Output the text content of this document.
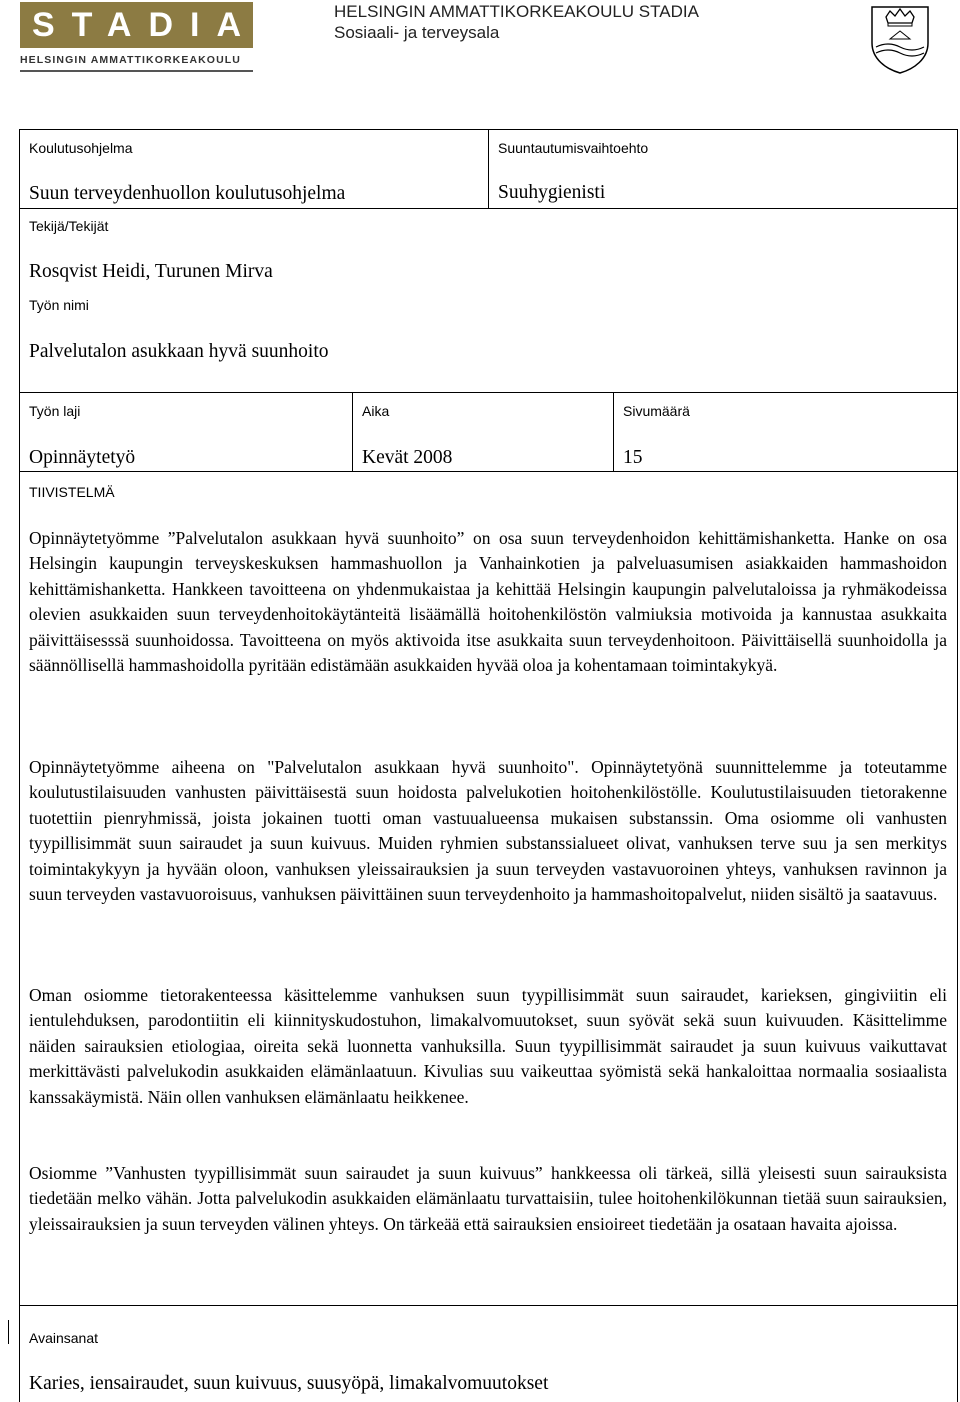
STADIA
HELSINGIN AMMATTIKORKEAKOULU
HELSINGIN AMMATTIKORKEAKOULU STADIA
Sosiaali- ja terveysala
Koulutusohjelma
Suun terveydenhuollon koulutusohjelma
Suuntautumisvaihtoehto
Suuhygienisti
Tekijä/Tekijät
Rosqvist Heidi, Turunen Mirva
Työn nimi
Palvelutalon asukkaan hyvä suunhoito
Työn laji
Opinnäytetyö
Aika
Kevät 2008
Sivumäärä
15
TIIVISTELMÄ

Opinnäytetyömme ”Palvelutalon asukkaan hyvä suunhoito” on osa suun terveydenhoidon kehittämishanketta. Hanke on osa Helsingin kaupungin terveyskeskuksen hammashuollon ja Vanhainkotien ja palveluasumisen asiakkaiden hammashoidon kehittämishanketta. Hankkeen tavoitteena on yhdenmukaistaa ja kehittää Helsingin kaupungin palvelutaloissa ja ryhmäkodeissa olevien asukkaiden suun terveydenhoitokäytänteitä lisäämällä hoitohenkilöstön valmiuksia motivoida ja kannustaa asukkaita päivittäisesssä suunhoidossa. Tavoitteena on myös aktivoida itse asukkaita suun terveydenhoitoon. Päivittäisellä suunhoidolla ja säännöllisellä hammashoidolla pyritään edistämään asukkaiden hyvää oloa ja kohentamaan toimintakykyä.

Opinnäytetyömme aiheena on "Palvelutalon asukkaan hyvä suunhoito". Opinnäytetyönä suunnittelemme ja toteutamme koulutustilaisuuden vanhusten päivittäisestä suun hoidosta palvelukotien hoitohenkilöstölle. Koulutustilaisuuden tietorakenne tuotettiin pienryhmissä, joista jokainen tuotti oman vastuualueensa mukaisen substanssin. Oma osiomme oli vanhusten tyypillisimmät suun sairaudet ja suun kuivuus. Muiden ryhmien substanssialueet olivat, vanhuksen terve suu ja sen merkitys toimintakykyyn ja hyvään oloon, vanhuksen yleissairauksien ja suun terveyden vastavuoroinen yhteys, vanhuksen ravinnon ja suun terveyden vastavuoroisuus, vanhuksen päivittäinen suun terveydenhoito ja hammashoitopalvelut, niiden sisältö ja saatavuus.

Oman osiomme tietorakenteessa käsittelemme vanhuksen suun tyypillisimmät suun sairaudet, karieksen, gingiviitin eli ientulehduksen, parodontiitin eli kiinnityskudostuhon, limakalvomuutokset, suun syövät sekä suun kuivuuden. Käsittelimme näiden sairauksien etiologiaa, oireita sekä luonnetta vanhuksilla. Suun tyypillisimmät sairaudet ja suun kuivuus vaikuttavat merkittävästi palvelukodin asukkaiden elämänlaatuun. Kivulias suu vaikeuttaa syömistä sekä hankaloittaa normaalia sosiaalista kanssakäymistä. Näin ollen vanhuksen elämänlaatu heikkenee.

Osiomme ”Vanhusten tyypillisimmät suun sairaudet ja suun kuivuus” hankkeessa oli tärkeä, sillä yleisesti suun sairauksista tiedetään melko vähän. Jotta palvelukodin asukkaiden elämänlaatu turvattaisiin, tulee hoitohenkilökunnan tietää suun sairauksien, yleissairauksien ja suun terveyden välinen yhteys. On tärkeää että sairauksien ensioireet tiedetään ja osataan havaita ajoissa.

Avainsanat
Karies, iensairaudet, suun kuivuus, suusyöpä, limakalvomuutokset
